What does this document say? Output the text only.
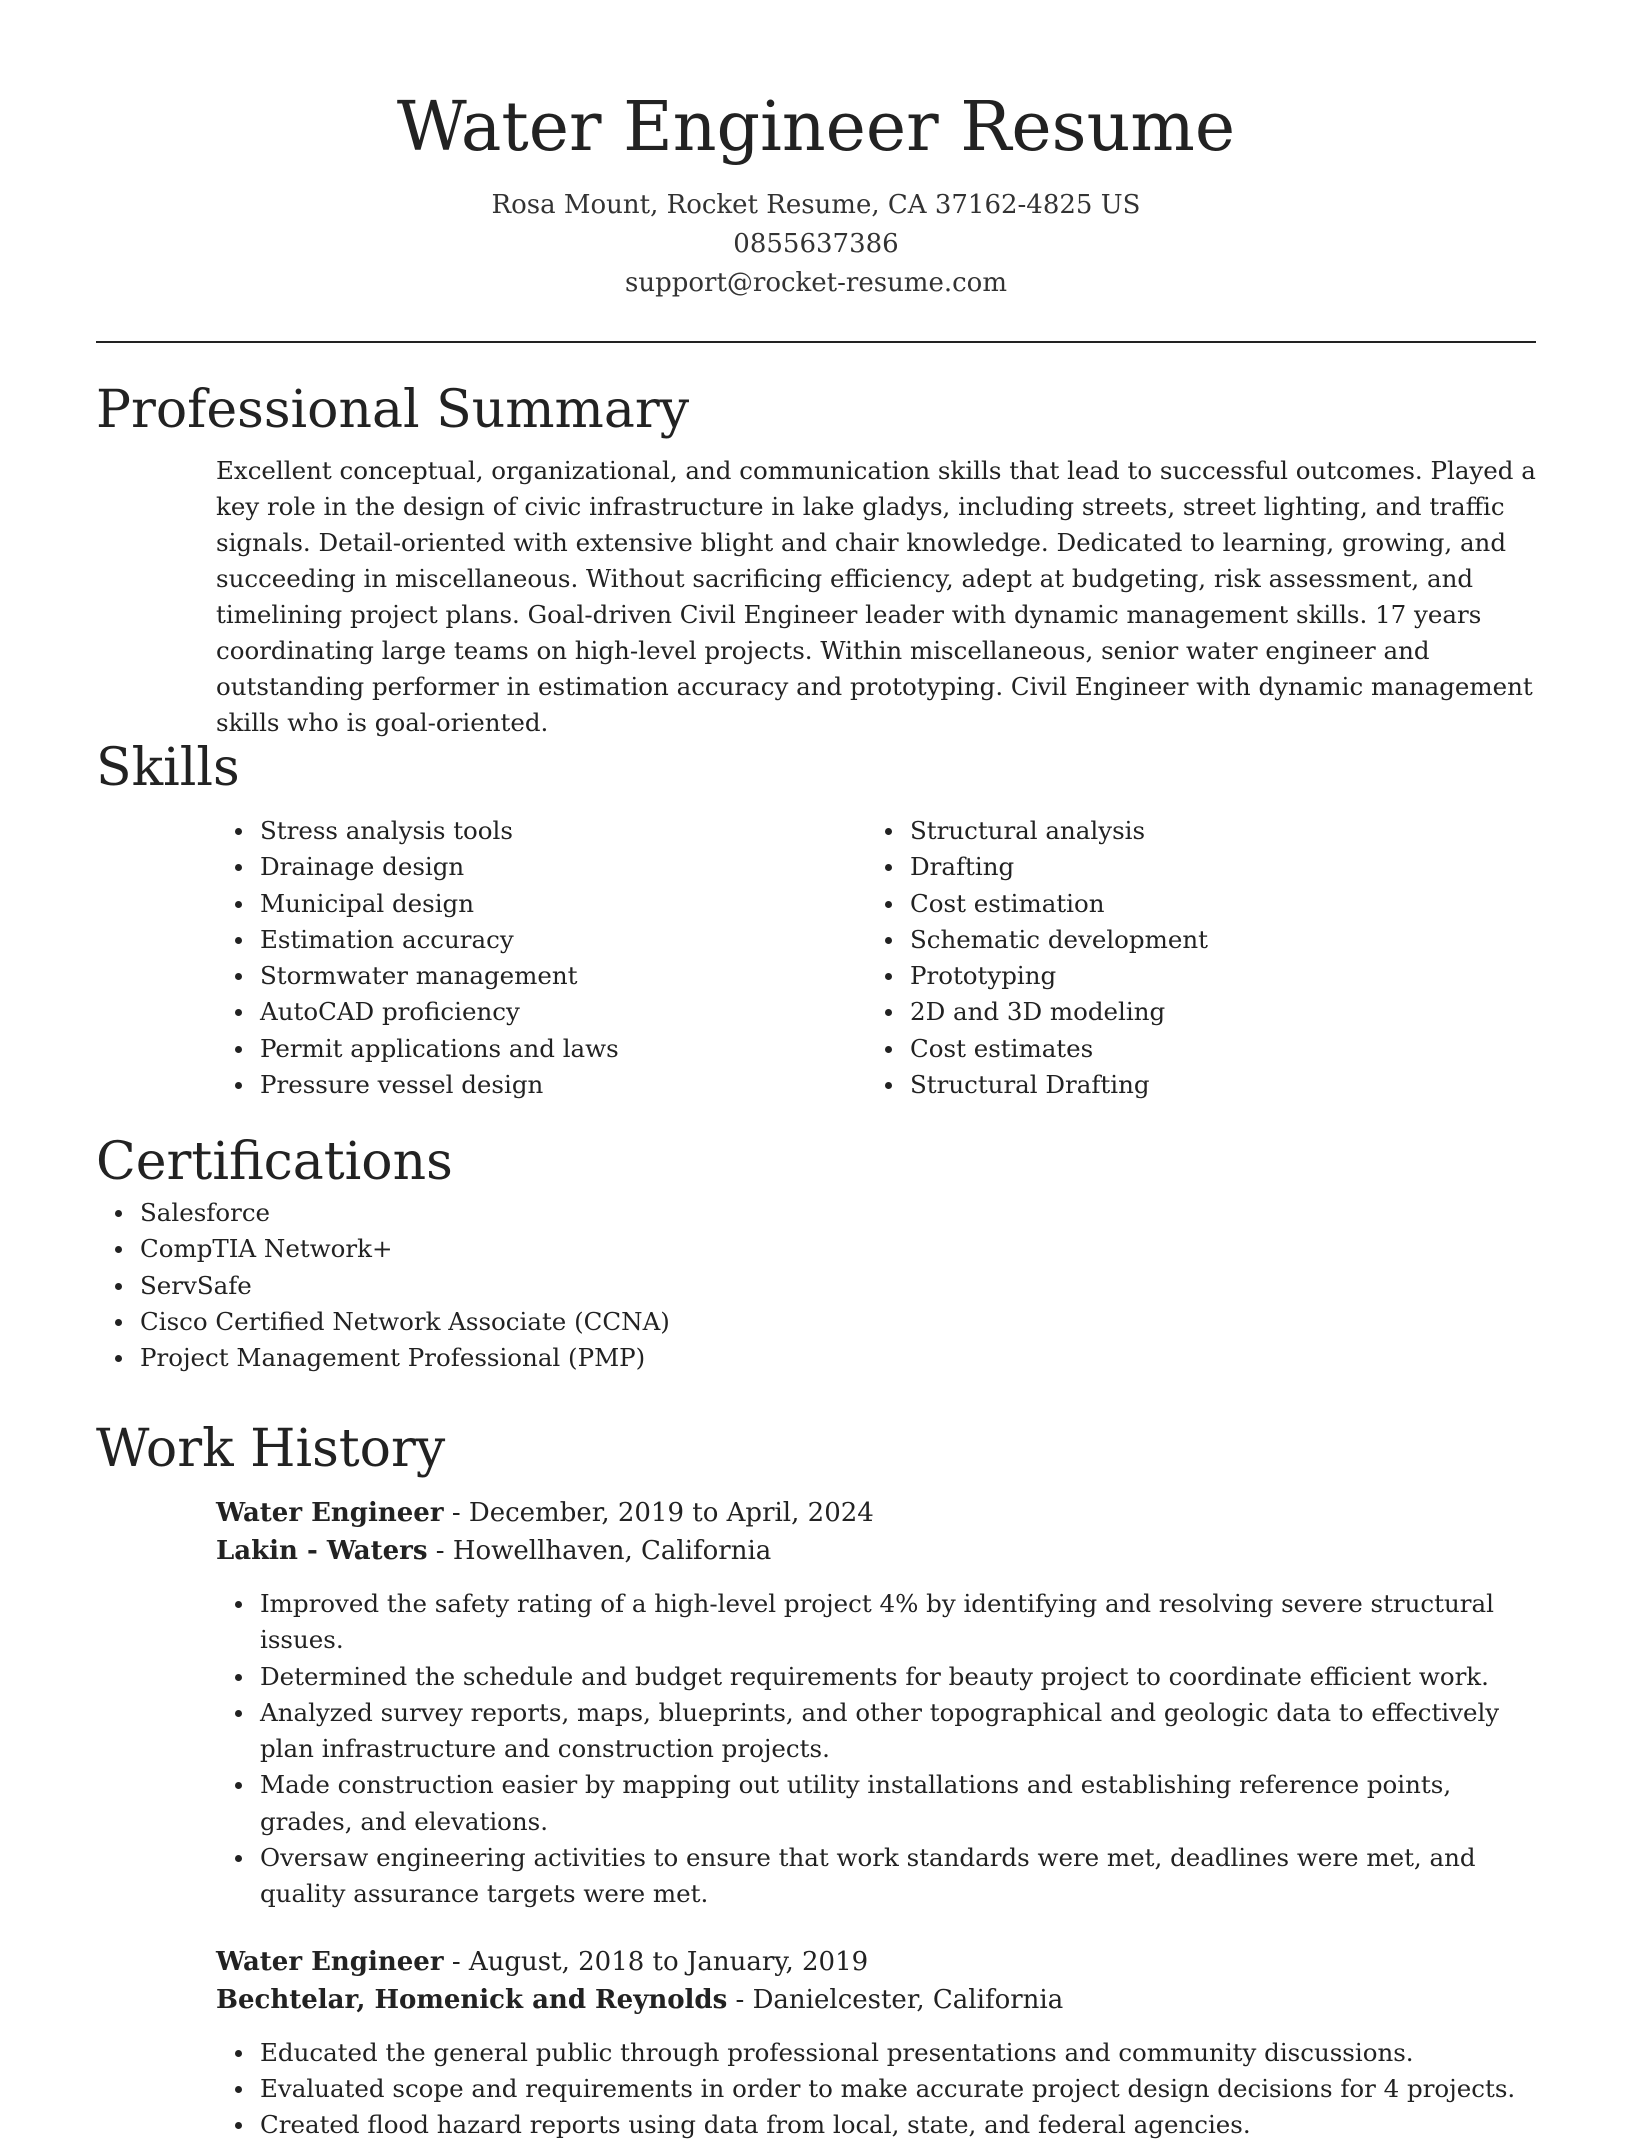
Water Engineer Resume
Rosa Mount, Rocket Resume, CA 37162-4825 US
0855637386
support@rocket-resume.com
Professional Summary

Excellent conceptual, organizational, and communication skills that lead to successful outcomes. Played a key role in the design of civic infrastructure in lake gladys, including streets, street lighting, and traffic signals. Detail-oriented with extensive blight and chair knowledge. Dedicated to learning, growing, and succeeding in miscellaneous. Without sacrificing efficiency, adept at budgeting, risk assessment, and timelining project plans. Goal-driven Civil Engineer leader with dynamic management skills. 17 years coordinating large teams on high-level projects. Within miscellaneous, senior water engineer and outstanding performer in estimation accuracy and prototyping. Civil Engineer with dynamic management skills who is goal-oriented.

Skills
Stress analysis tools
Drainage design
Municipal design
Estimation accuracy
Stormwater management
AutoCAD proficiency
Permit applications and laws
Pressure vessel design
Structural analysis
Drafting
Cost estimation
Schematic development
Prototyping
2D and 3D modeling
Cost estimates
Structural Drafting
Certifications
Salesforce
CompTIA Network+
ServSafe
Cisco Certified Network Associate (CCNA)
Project Management Professional (PMP)
Work History
Water Engineer - December, 2019 to April, 2024
Lakin - Waters - Howellhaven, California
Improved the safety rating of a high-level project 4% by identifying and resolving severe structural issues.
Determined the schedule and budget requirements for beauty project to coordinate efficient work.
Analyzed survey reports, maps, blueprints, and other topographical and geologic data to effectively plan infrastructure and construction projects.
Made construction easier by mapping out utility installations and establishing reference points, grades, and elevations.
Oversaw engineering activities to ensure that work standards were met, deadlines were met, and quality assurance targets were met.
Water Engineer - August, 2018 to January, 2019
Bechtelar, Homenick and Reynolds - Danielcester, California
Educated the general public through professional presentations and community discussions.
Evaluated scope and requirements in order to make accurate project design decisions for 4 projects.
Created flood hazard reports using data from local, state, and federal agencies.
